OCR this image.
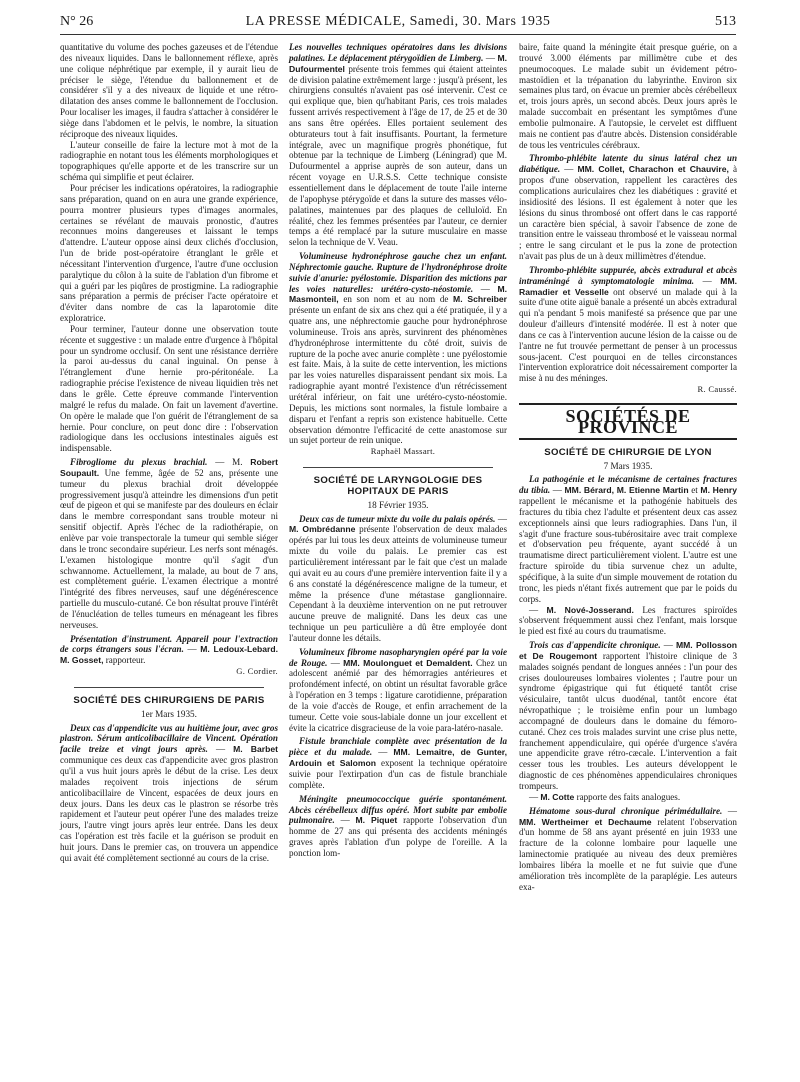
N° 26	LA PRESSE MÉDICALE, Samedi, 30. Mars 1935	513

quantitative du volume des poches gazeuses et de l'étendue des niveaux liquides. Dans le ballonnement réflexe, après une colique néphrétique par exemple, il y aurait lieu de préciser le siège, l'étendue du ballonnement et de considérer s'il y a des niveaux de liquide et une rétro-dilatation des anses comme le ballonnement de l'occlusion. Pour localiser les images, il faudra s'attacher à considérer le siège dans l'abdomen et le pelvis, le nombre, la situation réciproque des niveaux liquides.

L'auteur conseille de faire la lecture mot à mot de la radiographie en notant tous les éléments morphologiques et topographiques qu'elle apporte et de les transcrire sur un schéma qui simplifie et peut éclairer.

Pour préciser les indications opératoires, la radiographie sans préparation, quand on en aura une grande expérience, pourra montrer plusieurs types d'images anormales, certaines se révélant de mauvais pronostic, d'autres reconnues moins dangereuses et laissant le temps d'attendre. L'auteur oppose ainsi deux clichés d'occlusion, l'un de bride post-opératoire étranglant le grêle et nécessitant l'intervention d'urgence, l'autre d'une occlusion paralytique du côlon à la suite de l'ablation d'un fibrome et qui a guéri par les piqûres de prostigmine. La radiographie sans préparation a permis de préciser l'acte opératoire et d'éviter dans nombre de cas la laparotomie dite exploratrice.

Pour terminer, l'auteur donne une observation toute récente et suggestive : un malade entre d'urgence à l'hôpital pour un syndrome occlusif. On sent une résistance derrière la paroi au-dessus du canal inguinal. On pense à l'étranglement d'une hernie pro-péritonéale. La radiographie précise l'existence de niveau liquidien très net dans le grêle. Cette épreuve commande l'intervention malgré le refus du malade. On fait un lavement d'avertine. On opère le malade que l'on guérit de l'étranglement de sa hernie. Pour conclure, on peut donc dire : l'observation radiologique dans les occlusions intestinales aiguës est indispensable.

Fibrogliome du plexus brachial. — M. Robert Soupault. Une femme, âgée de 52 ans, présente une tumeur du plexus brachial droit développée progressivement jusqu'à atteindre les dimensions d'un petit œuf de pigeon et qui se manifeste par des douleurs en éclair dans le membre correspondant sans trouble moteur ni sensitif objectif. Après l'échec de la radiothérapie, on enlève par voie transpectorale la tumeur qui semble siéger dans le tronc secondaire supérieur. Les nerfs sont ménagés. L'examen histologique montre qu'il s'agit d'un schwannome. Actuellement, la malade, au bout de 7 ans, est complètement guérie. L'examen électrique a montré l'intégrité des fibres nerveuses, sauf une dégénérescence partielle du musculo-cutané. Ce bon résultat prouve l'intérêt de l'énucléation de telles tumeurs en ménageant les fibres nerveuses.

Présentation d'instrument. Appareil pour l'extraction de corps étrangers sous l'écran. — M. Ledoux-Lebard. M. Gosset, rapporteur.

G. Cordier.

SOCIÉTÉ DES CHIRURGIENS DE PARIS
1er Mars 1935.

Deux cas d'appendicite vus au huitième jour, avec gros plastron. Sérum anticolibacillaire de Vincent. Opération facile treize et vingt jours après. — M. Barbet communique ces deux cas d'appendicite avec gros plastron qu'il a vus huit jours après le début de la crise. Les deux malades reçoivent trois injections de sérum anticolibacillaire de Vincent, espacées de deux jours en deux jours. Dans les deux cas le plastron se résorbe très rapidement et l'auteur peut opérer l'une des malades treize jours, l'autre vingt jours après leur entrée. Dans les deux cas l'opération est très facile et la guérison se produit en huit jours. Dans le premier cas, on trouvera un appendice qui avait été complètement sectionné au cours de la crise.

Les nouvelles techniques opératoires dans les divisions palatines. Le déplacement ptérygoïdien de Limberg. — M. Dufourmentel présente trois femmes qui étaient atteintes de division palatine extrêmement large : jusqu'à présent, les chirurgiens consultés n'avaient pas osé intervenir. C'est ce qui explique que, bien qu'habitant Paris, ces trois malades fussent arrivés respectivement à l'âge de 17, de 25 et de 30 ans sans être opérées. Elles portaient seulement des obturateurs tout à fait insuffisants. Pourtant, la fermeture intégrale, avec un magnifique progrès phonétique, fut obtenue par la technique de Limberg (Léningrad) que M. Dufourmentel a apprise auprès de son auteur, dans un récent voyage en U.R.S.S. Cette technique consiste essentiellement dans le déplacement de toute l'aile interne de l'apophyse ptérygoïde et dans la suture des masses vélo-palatines, maintenues par des plaques de celluloïd. En réalité, chez les femmes présentées par l'auteur, ce dernier temps a été remplacé par la suture musculaire en masse selon la technique de V. Veau.

Volumineuse hydronéphrose gauche chez un enfant. Néphrectomie gauche. Rupture de l'hydronéphrose droite suivie d'anurie: pyélostomie. Disparition des mictions par les voies naturelles: urétéro-cysto-néostomie. — M. Masmonteil, en son nom et au nom de M. Schreiber présente un enfant de six ans chez qui a été pratiquée, il y a quatre ans, une néphrectomie gauche pour hydronéphrose volumineuse. Trois ans après, survinrent des phénomènes d'hydronéphrose intermittente du côté droit, suivis de rupture de la poche avec anurie complète : une pyélostomie est faite. Mais, à la suite de cette intervention, les mictions par les voies naturelles disparaissent pendant six mois. La radiographie ayant montré l'existence d'un rétrécissement urétéral inférieur, on fait une urétéro-cysto-néostomie. Depuis, les mictions sont normales, la fistule lombaire a disparu et l'enfant a repris son existence habituelle. Cette observation démontre l'efficacité de cette anastomose sur un sujet porteur de rein unique.

Raphaël Massart.

SOCIÉTÉ DE LARYNGOLOGIE DES HOPITAUX DE PARIS
18 Février 1935.

Deux cas de tumeur mixte du voile du palais opérés. — M. Ombrédanne présente l'observation de deux malades opérés par lui tous les deux atteints de volumineuse tumeur mixte du voile du palais. Le premier cas est particulièrement intéressant par le fait que c'est un malade qui avait eu au cours d'une première intervention faite il y a 6 ans constaté la dégénérescence maligne de la tumeur, et même la présence d'une métastase ganglionnaire. Cependant à la deuxième intervention on ne put retrouver aucune preuve de malignité. Dans les deux cas une technique un peu particulière a dû être employée dont l'auteur donne les détails.

Volumineux fibrome nasopharyngien opéré par la voie de Rouge. — MM. Moulonguet et Demaldent. Chez un adolescent anémié par des hémorragies antérieures et profondément infecté, on obtint un résultat favorable grâce à l'opération en 3 temps : ligature carotidienne, préparation de la voie d'accès de Rouge, et enfin arrachement de la tumeur. Cette voie sous-labiale donne un jour excellent et évite la cicatrice disgracieuse de la voie para-latéro-nasale.

Fistule branchiale complète avec présentation de la pièce et du malade. — MM. Lemaitre, de Gunter, Ardouin et Salomon exposent la technique opératoire suivie pour l'extirpation d'un cas de fistule branchiale complète.

Méningite pneumococcique guérie spontanément. Abcès cérébelleux diffus opéré. Mort subite par embolie pulmonaire. — M. Piquet rapporte l'observation d'un homme de 27 ans qui présenta des accidents méningés graves après l'ablation d'un polype de l'oreille. A la ponction lom-

baire, faite quand la méningite était presque guérie, on a trouvé 3.000 éléments par millimètre cube et des pneumocoques. Le malade subit un évidement pétro-mastoïdien et la trépanation du labyrinthe. Environ six semaines plus tard, on évacue un premier abcès cérébelleux et, trois jours après, un second abcès. Deux jours après le malade succombait en présentant les symptômes d'une embolie pulmonaire. A l'autopsie, le cervelet est diffluent mais ne contient pas d'autre abcès. Distension considérable de tous les ventricules cérébraux.

Thrombo-phlébite latente du sinus latéral chez un diabétique. — MM. Collet, Charachon et Chauvire, à propos d'une observation, rappellent les caractères des complications auriculaires chez les diabétiques : gravité et insidiosité des lésions. Il est également à noter que les lésions du sinus thrombosé ont offert dans le cas rapporté un caractère bien spécial, à savoir l'absence de zone de transition entre le vaisseau thrombosé et le vaisseau normal ; entre le sang circulant et le pus la zone de protection n'avait pas plus de un à deux millimètres d'étendue.

Thrombo-phlébite suppurée, abcès extradural et abcès intraméningé à symptomatologie minima. — MM. Ramadier et Vesselle ont observé un malade qui à la suite d'une otite aiguë banale a présenté un abcès extradural qui n'a pendant 5 mois manifesté sa présence que par une douleur d'ailleurs d'intensité modérée. Il est à noter que dans ce cas à l'intervention aucune lésion de la caisse ou de l'antre ne fut trouvée permettant de penser à un processus sous-jacent. C'est pourquoi en de telles circonstances l'intervention exploratrice doit nécessairement comporter la mise à nu des méninges.

R. Caussé.

SOCIÉTÉS DE PROVINCE
SOCIÉTÉ DE CHIRURGIE DE LYON
7 Mars 1935.

La pathogénie et le mécanisme de certaines fractures du tibia. — MM. Bérard, M. Etienne Martin et M. Henry rappellent le mécanisme et la pathogénie habituels des fractures du tibia chez l'adulte et présentent deux cas assez exceptionnels ainsi que leurs radiographies. Dans l'un, il s'agit d'une fracture sous-tubérositaire avec trait complexe et d'observation peu fréquente, ayant succédé à un traumatisme direct particulièrement violent. L'autre est une fracture spiroïde du tibia survenue chez un adulte, spécifique, à la suite d'un simple mouvement de rotation du tronc, les pieds n'étant fixés autrement que par le poids du corps.

— M. Nové-Josserand. Les fractures spiroïdes s'observent fréquemment aussi chez l'enfant, mais lorsque le pied est fixé au cours du traumatisme.

Trois cas d'appendicite chronique. — MM. Pollosson et De Rougemont rapportent l'histoire clinique de 3 malades soignés pendant de longues années : l'un pour des crises douloureuses lombaires violentes ; l'autre pour un syndrome épigastrique qui fut étiqueté tantôt crise vésiculaire, tantôt ulcus duodénal, tantôt encore état névropathique ; le troisième enfin pour un lumbago accompagné de douleurs dans le domaine du fémoro-cutané. Chez ces trois malades survint une crise plus nette, franchement appendiculaire, qui opérée d'urgence s'avéra une appendicite grave rétro-cæcale. L'intervention a fait cesser tous les troubles. Les auteurs développent le diagnostic de ces phénomènes appendiculaires chroniques trompeurs.

— M. Cotte rapporte des faits analogues.

Hématome sous-dural chronique périmédullaire. — MM. Wertheimer et Dechaume relatent l'observation d'un homme de 58 ans ayant présenté en juin 1933 une fracture de la colonne lombaire pour laquelle une laminectomie pratiquée au niveau des deux premières lombaires libéra la moelle et ne fut suivie que d'une amélioration très incomplète de la paraplégie. Les auteurs exa-
